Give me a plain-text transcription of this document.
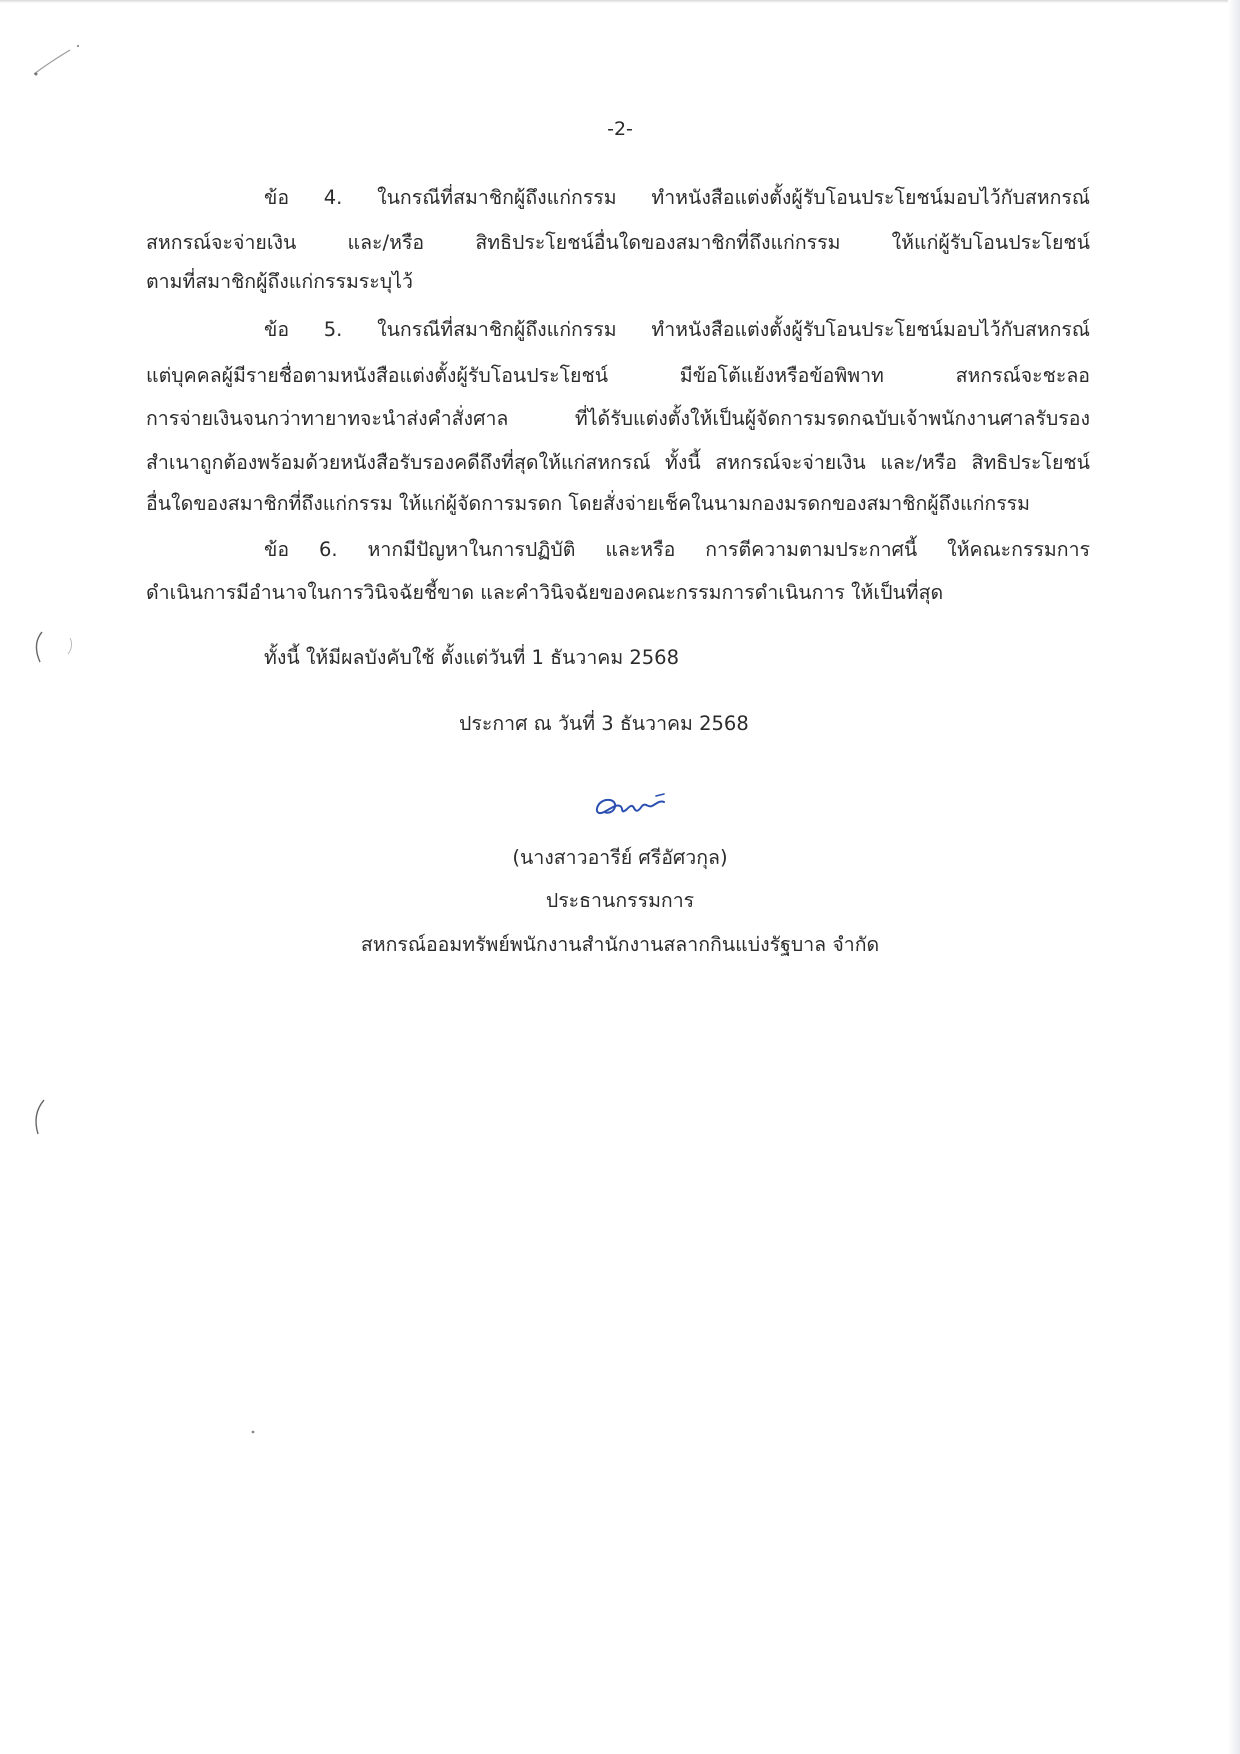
-2-
ข้อ 4. ในกรณีที่สมาชิกผู้ถึงแก่กรรม ทำหนังสือแต่งตั้งผู้รับโอนประโยชน์มอบไว้กับสหกรณ์
สหกรณ์จะจ่ายเงิน และ/หรือ สิทธิประโยชน์อื่นใดของสมาชิกที่ถึงแก่กรรม ให้แก่ผู้รับโอนประโยชน์
ตามที่สมาชิกผู้ถึงแก่กรรมระบุไว้
ข้อ 5. ในกรณีที่สมาชิกผู้ถึงแก่กรรม ทำหนังสือแต่งตั้งผู้รับโอนประโยชน์มอบไว้กับสหกรณ์
แต่บุคคลผู้มีรายชื่อตามหนังสือแต่งตั้งผู้รับโอนประโยชน์ มีข้อโต้แย้งหรือข้อพิพาท สหกรณ์จะชะลอ
การจ่ายเงินจนกว่าทายาทจะนำส่งคำสั่งศาล ที่ได้รับแต่งตั้งให้เป็นผู้จัดการมรดกฉบับเจ้าพนักงานศาลรับรอง
สำเนาถูกต้องพร้อมด้วยหนังสือรับรองคดีถึงที่สุดให้แก่สหกรณ์ ทั้งนี้ สหกรณ์จะจ่ายเงิน และ/หรือ สิทธิประโยชน์
อื่นใดของสมาชิกที่ถึงแก่กรรม ให้แก่ผู้จัดการมรดก โดยสั่งจ่ายเช็คในนามกองมรดกของสมาชิกผู้ถึงแก่กรรม
ข้อ 6. หากมีปัญหาในการปฏิบัติ และหรือ การตีความตามประกาศนี้ ให้คณะกรรมการ
ดำเนินการมีอำนาจในการวินิจฉัยชี้ขาด และคำวินิจฉัยของคณะกรรมการดำเนินการ ให้เป็นที่สุด
ทั้งนี้ ให้มีผลบังคับใช้ ตั้งแต่วันที่ 1 ธันวาคม 2568
ประกาศ ณ วันที่ 3 ธันวาคม 2568
(นางสาวอารีย์ ศรีอัศวกุล)
ประธานกรรมการ
สหกรณ์ออมทรัพย์พนักงานสำนักงานสลากกินแบ่งรัฐบาล จำกัด
